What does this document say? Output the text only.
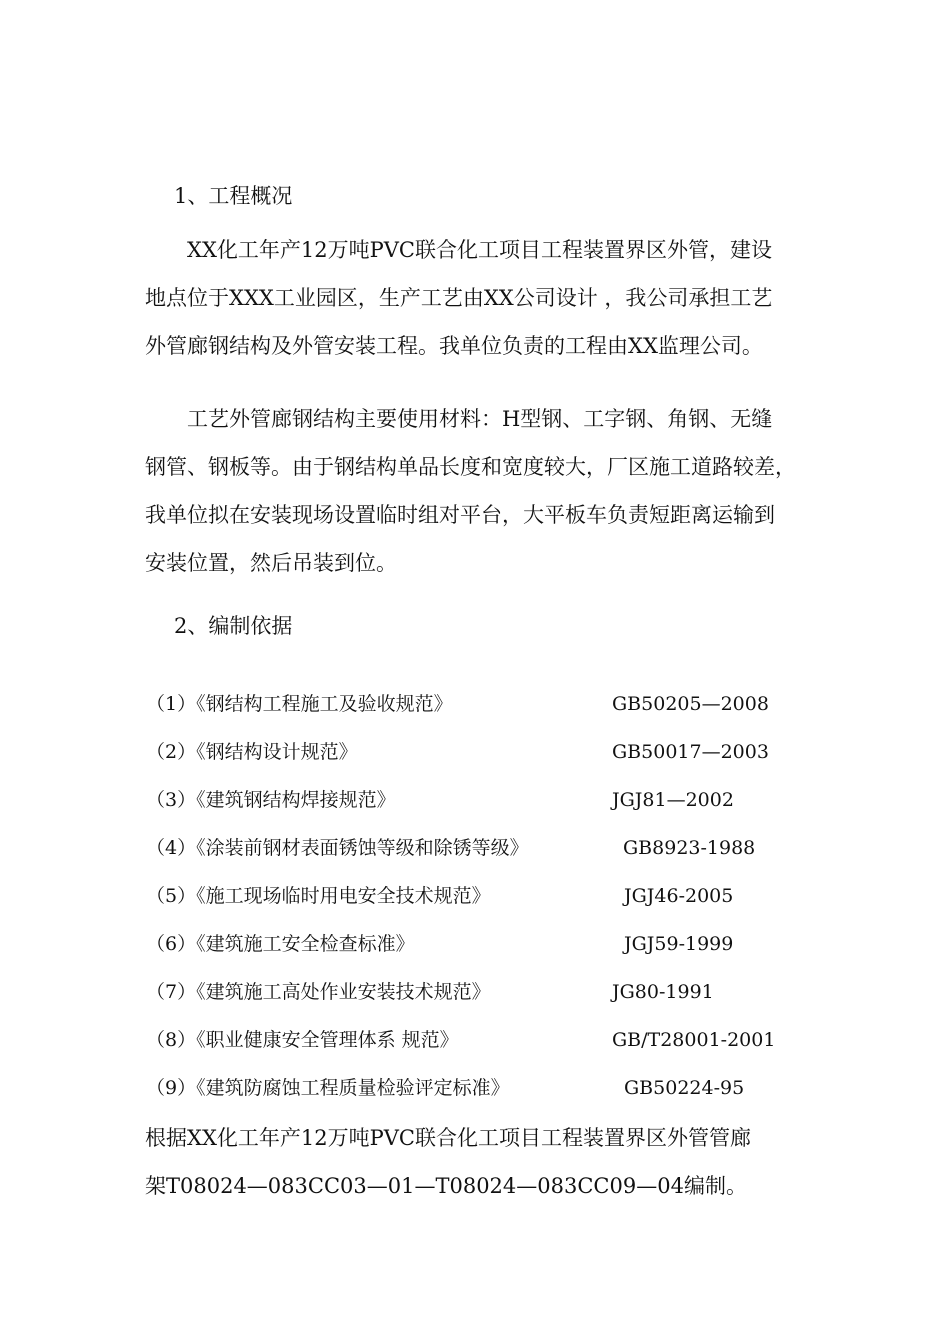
1、工程概况
XX化工年产12万吨PVC联合化工项目工程装置界区外管，建设
地点位于XXX工业园区，生产工艺由XX公司设计 ，我公司承担工艺
外管廊钢结构及外管安装工程。我单位负责的工程由XX监理公司。
工艺外管廊钢结构主要使用材料：H型钢、工字钢、角钢、无缝
钢管、钢板等。由于钢结构单品长度和宽度较大，厂区施工道路较差，
我单位拟在安装现场设置临时组对平台，大平板车负责短距离运输到
安装位置，然后吊装到位。
2、编制依据
（1）《钢结构工程施工及验收规范》	GB50205—2008
（2）《钢结构设计规范》	GB50017—2003
（3）《建筑钢结构焊接规范》	JGJ81—2002
（4）《涂装前钢材表面锈蚀等级和除锈等级》	GB8923-1988
（5）《施工现场临时用电安全技术规范》	JGJ46-2005
（6）《建筑施工安全检查标准》	JGJ59-1999
（7）《建筑施工高处作业安装技术规范》	JG80-1991
（8）《职业健康安全管理体系 规范》	GB/T28001-2001
（9）《建筑防腐蚀工程质量检验评定标准》	GB50224-95
根据XX化工年产12万吨PVC联合化工项目工程装置界区外管管廊
架T08024—083CC03—01—T08024—083CC09—04编制。
